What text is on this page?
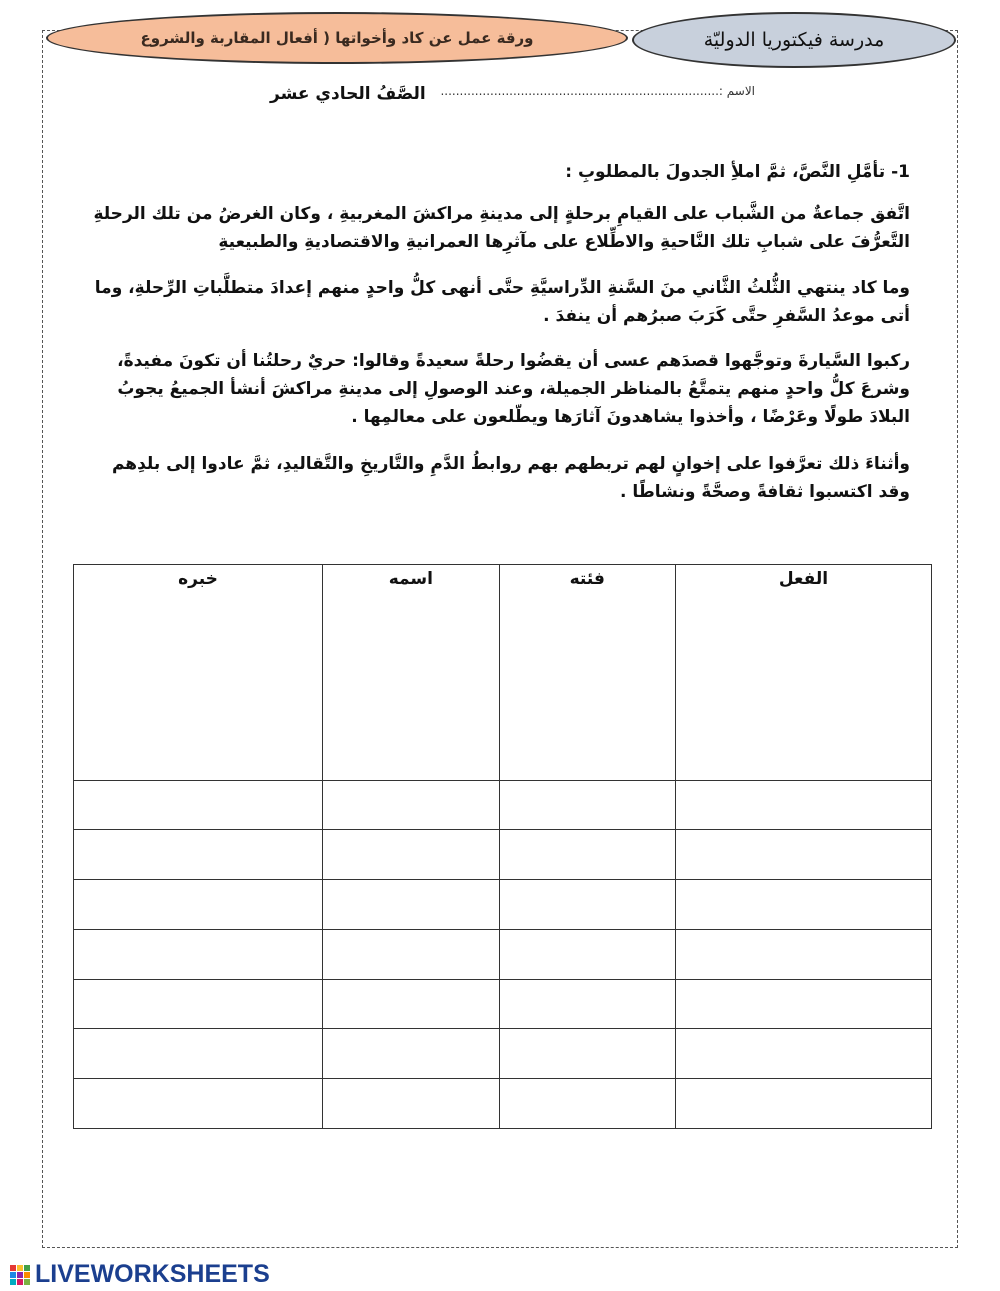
ورقة عمل عن كاد وأخواتها ( أفعال المقاربة والشروع	مدرسة فيكتوريا الدوليّة
الاسم :.........................................................................
الصَّفُ الحادي عشر
1- تأمَّلِ النَّصَّ، ثمَّ املأِ الجدولَ بالمطلوبِ :
اتَّفق جماعةٌ من الشَّباب على القيامِ برحلةٍ إلى مدينةِ مراكشَ المغربيةِ ، وكان الغرضُ من تلك الرحلةِ التَّعرُّفَ على شبابِ تلك النَّاحيةِ والاطِّلاع على مآثرِها العمرانيةِ والاقتصاديةِ والطبيعيةِ
وما كاد ينتهي الثُّلثُ الثَّاني منَ السَّنةِ الدِّراسيَّةِ حتَّى أنهى كلُّ واحدٍ منهم إعدادَ متطلَّباتِ الرِّحلةِ، وما أتى موعدُ السَّفرِ حتَّى كَرَبَ صبرُهم أن ينفدَ .
ركبوا السَّيارةَ وتوجَّهوا قصدَهم عسى أن يقضُوا رحلةً سعيدةً وقالوا: حريٌ رحلتُنا أن تكونَ مفيدةً، وشرعَ كلُّ واحدٍ منهم يتمتَّعُ بالمناظر الجميلة، وعند الوصولِ إلى مدينةِ مراكشَ أنشأ الجميعُ يجوبُ البلادَ طولًا وعَرْضًا ، وأخذوا يشاهدونَ آثارَها ويطّلعون على معالمِها .
وأثناءَ ذلك تعرَّفوا على إخوانٍ لهم تربطهم بهم روابطُ الدَّمِ والتَّاريخِ والتَّقاليدِ، ثمَّ عادوا إلى بلدِهم وقد اكتسبوا ثقافةً وصحَّةً ونشاطًا .
الفعل	فئته	اسمه	خبره

LIVEWORKSHEETS
